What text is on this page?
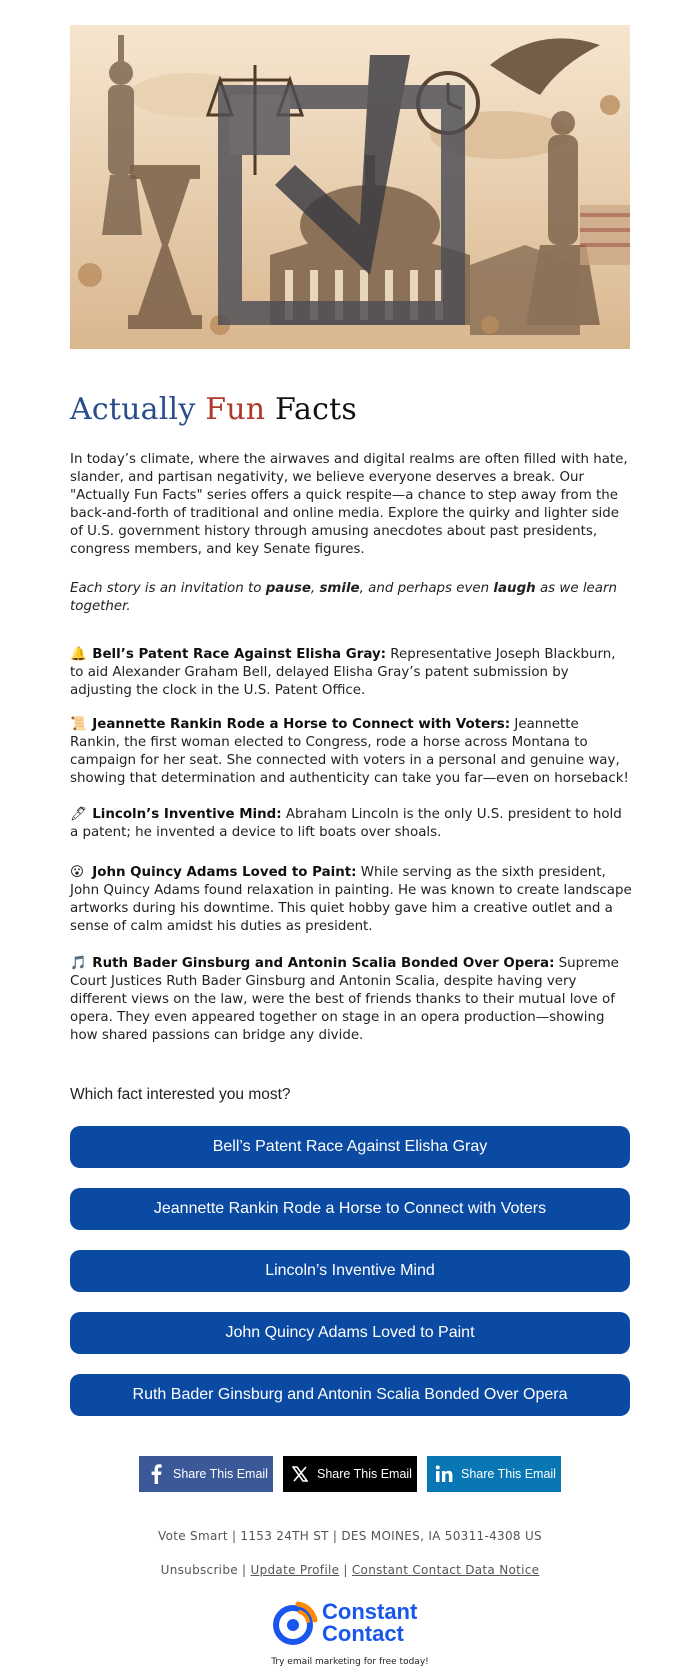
Actually Fun Facts

In today’s climate, where the airwaves and digital realms are often filled with hate, slander, and partisan negativity, we believe everyone deserves a break. Our "Actually Fun Facts" series offers a quick respite—a chance to step away from the back-and-forth of traditional and online media. Explore the quirky and lighter side of U.S. government history through amusing anecdotes about past presidents, congress members, and key Senate figures.

Each story is an invitation to pause, smile, and perhaps even laugh as we learn together.

🔔 Bell’s Patent Race Against Elisha Gray: Representative Joseph Blackburn, to aid Alexander Graham Bell, delayed Elisha Gray’s patent submission by adjusting the clock in the U.S. Patent Office.

📜 Jeannette Rankin Rode a Horse to Connect with Voters: Jeannette Rankin, the first woman elected to Congress, rode a horse across Montana to campaign for her seat. She connected with voters in a personal and genuine way, showing that determination and authenticity can take you far—even on horseback!

🖊 Lincoln’s Inventive Mind: Abraham Lincoln is the only U.S. president to hold a patent; he invented a device to lift boats over shoals.

😮 John Quincy Adams Loved to Paint: While serving as the sixth president, John Quincy Adams found relaxation in painting. He was known to create landscape artworks during his downtime. This quiet hobby gave him a creative outlet and a sense of calm amidst his duties as president.

🎵 Ruth Bader Ginsburg and Antonin Scalia Bonded Over Opera: Supreme Court Justices Ruth Bader Ginsburg and Antonin Scalia, despite having very different views on the law, were the best of friends thanks to their mutual love of opera. They even appeared together on stage in an opera production—showing how shared passions can bridge any divide.

Which fact interested you most?

Bell’s Patent Race Against Elisha Gray
Jeannette Rankin Rode a Horse to Connect with Voters
Lincoln’s Inventive Mind
John Quincy Adams Loved to Paint
Ruth Bader Ginsburg and Antonin Scalia Bonded Over Opera
Share This Email	Share This Email	Share This Email
Vote Smart | 1153 24TH ST | DES MOINES, IA 50311-4308 US
Unsubscribe | Update Profile | Constant Contact Data Notice
Constant
Contact
Try email marketing for free today!
